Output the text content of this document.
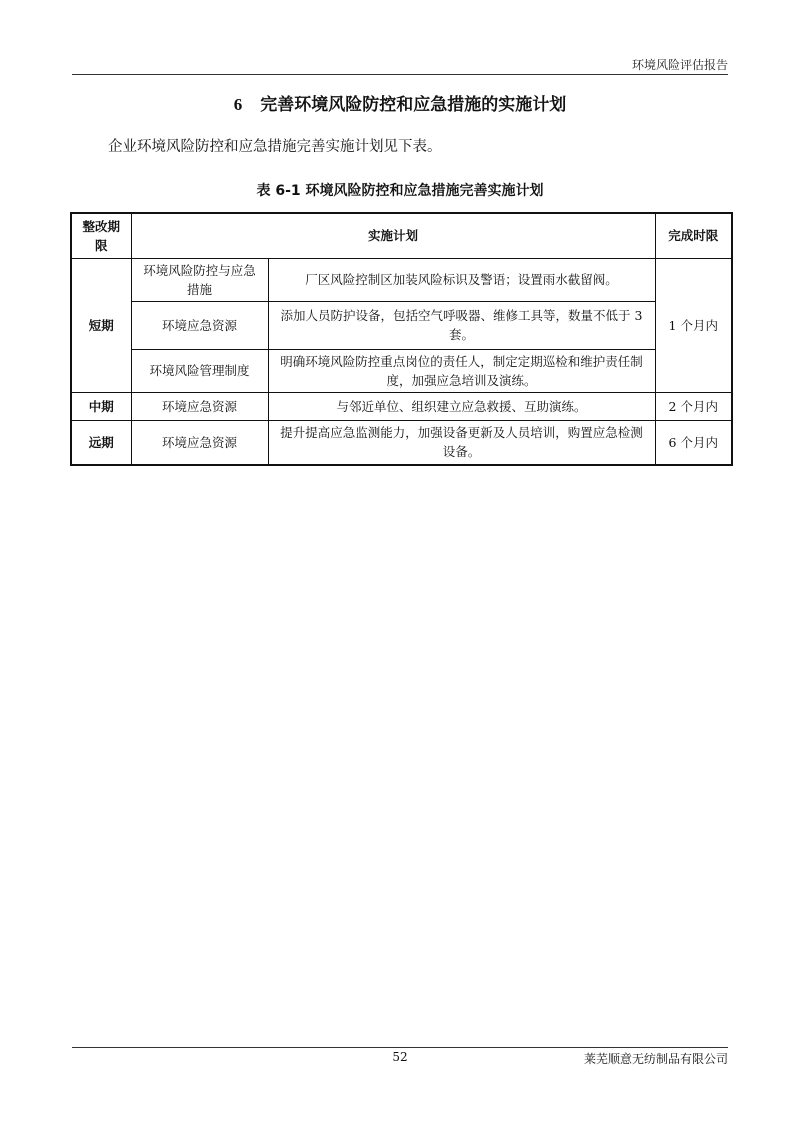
环境风险评估报告
6 完善环境风险防控和应急措施的实施计划
企业环境风险防控和应急措施完善实施计划见下表。
表 6-1 环境风险防控和应急措施完善实施计划
整改期限	实施计划		完成时限
短期	环境风险防控与应急措施	厂区风险控制区加装风险标识及警语；设置雨水截留阀。	1 个月内
	环境应急资源	添加人员防护设备，包括空气呼吸器、维修工具等，数量不低于 3 套。	
	环境风险管理制度	明确环境风险防控重点岗位的责任人，制定定期巡检和维护责任制度，加强应急培训及演练。	
中期	环境应急资源	与邻近单位、组织建立应急救援、互助演练。	2 个月内
远期	环境应急资源	提升提高应急监测能力，加强设备更新及人员培训，购置应急检测设备。	6 个月内
52	莱芜顺意无纺制品有限公司
